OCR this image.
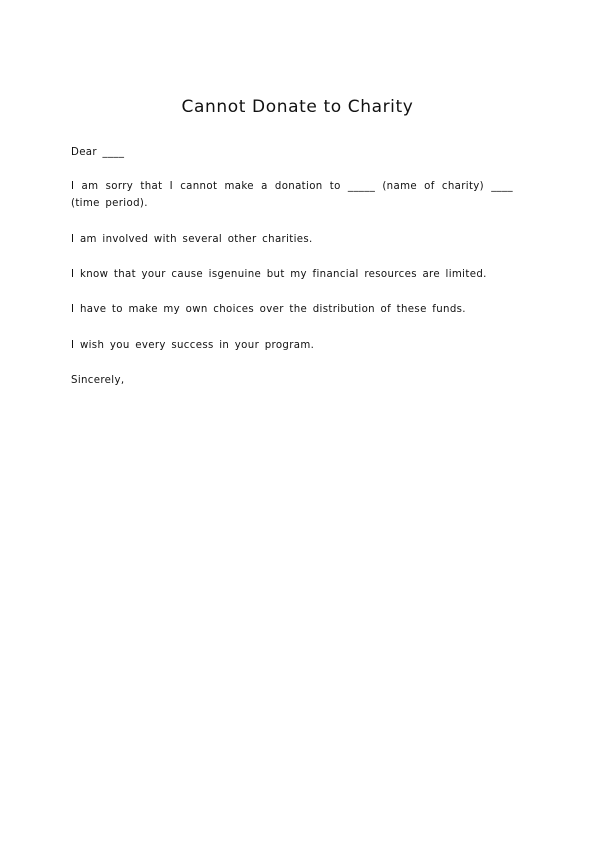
Cannot Donate to Charity

Dear ____

I am sorry that I cannot make a donation to _____ (name of charity) ____ (time period).

I am involved with several other charities.

I know that your cause isgenuine but my financial resources are limited.

I have to make my own choices over the distribution of these funds.

I wish you every success in your program.

Sincerely,
